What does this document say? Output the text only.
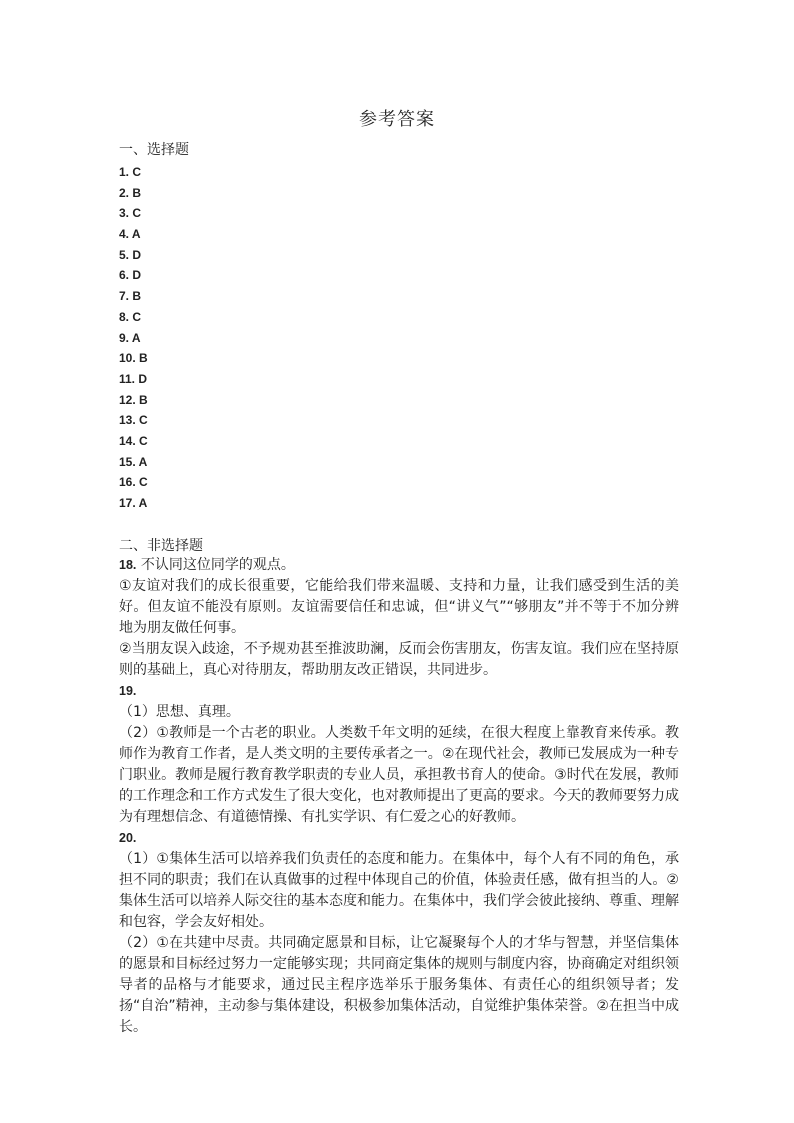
参考答案
一、选择题
1. C
2. B
3. C
4. A
5. D
6. D
7. B
8. C
9. A
10. B
11. D
12. B
13. C
14. C
15. A
16. C
17. A
二、非选择题
18. 不认同这位同学的观点。
①友谊对我们的成长很重要，它能给我们带来温暖、支持和力量，让我们感受到生活的美好。但友谊不能没有原则。友谊需要信任和忠诚，但“讲义气”“够朋友”并不等于不加分辨地为朋友做任何事。
②当朋友误入歧途，不予规劝甚至推波助澜，反而会伤害朋友，伤害友谊。我们应在坚持原则的基础上，真心对待朋友，帮助朋友改正错误，共同进步。
19.
（1）思想、真理。
（2）①教师是一个古老的职业。人类数千年文明的延续，在很大程度上靠教育来传承。教师作为教育工作者，是人类文明的主要传承者之一。②在现代社会，教师已发展成为一种专门职业。教师是履行教育教学职责的专业人员，承担教书育人的使命。③时代在发展，教师的工作理念和工作方式发生了很大变化，也对教师提出了更高的要求。今天的教师要努力成为有理想信念、有道德情操、有扎实学识、有仁爱之心的好教师。
20.
（1）①集体生活可以培养我们负责任的态度和能力。在集体中，每个人有不同的角色，承担不同的职责；我们在认真做事的过程中体现自己的价值，体验责任感，做有担当的人。②集体生活可以培养人际交往的基本态度和能力。在集体中，我们学会彼此接纳、尊重、理解和包容，学会友好相处。
（2）①在共建中尽责。共同确定愿景和目标，让它凝聚每个人的才华与智慧，并坚信集体的愿景和目标经过努力一定能够实现；共同商定集体的规则与制度内容，协商确定对组织领导者的品格与才能要求，通过民主程序选举乐于服务集体、有责任心的组织领导者；发扬“自治”精神，主动参与集体建设，积极参加集体活动，自觉维护集体荣誉。②在担当中成长。
